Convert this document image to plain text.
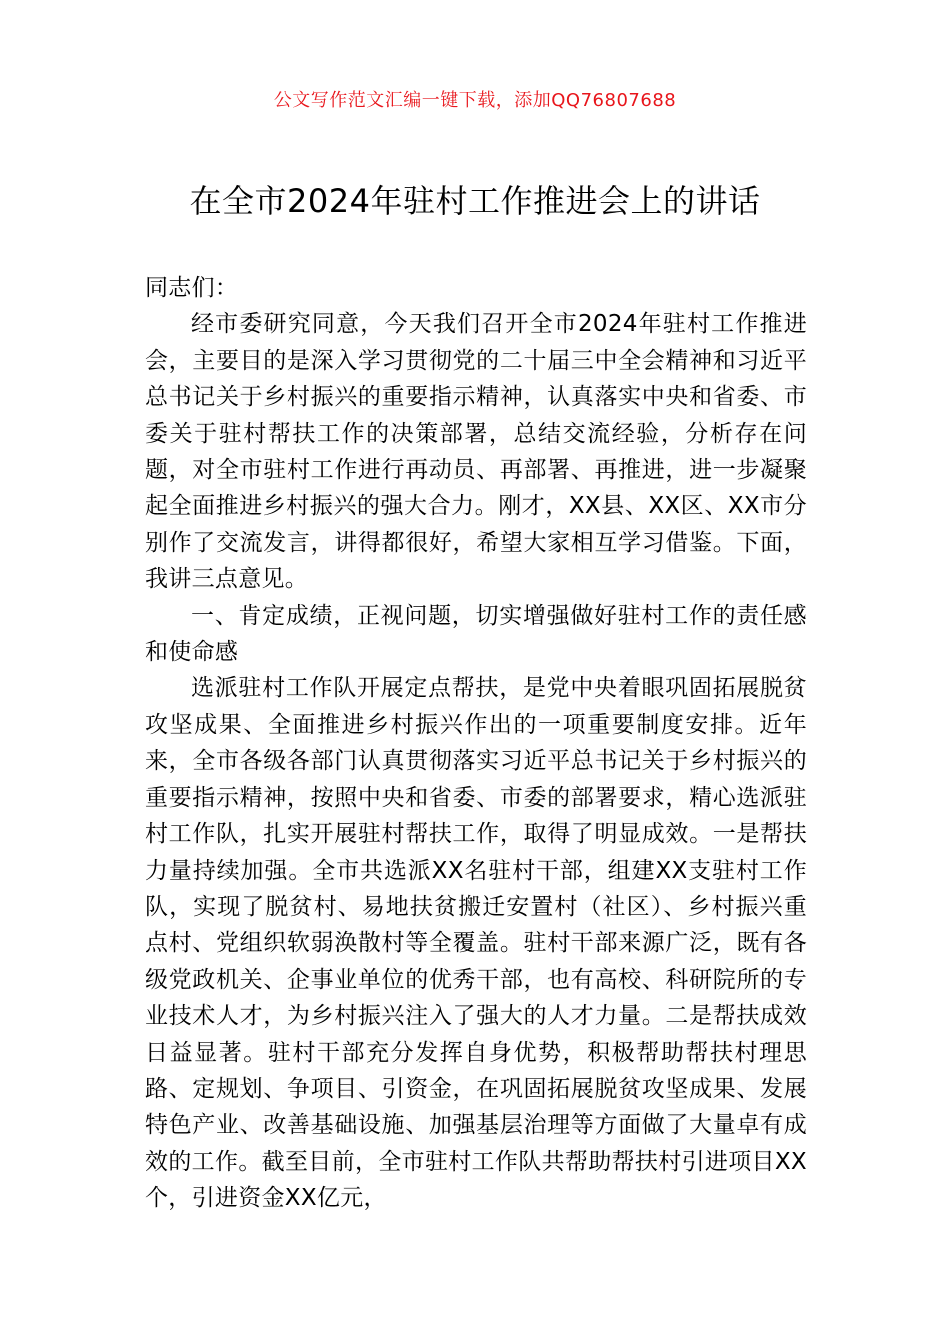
公文写作范文汇编一键下载，添加QQ76807688
在全市2024年驻村工作推进会上的讲话

同志们：

经市委研究同意，今天我们召开全市2024年驻村工作推进会，主要目的是深入学习贯彻党的二十届三中全会精神和习近平总书记关于乡村振兴的重要指示精神，认真落实中央和省委、市委关于驻村帮扶工作的决策部署，总结交流经验，分析存在问题，对全市驻村工作进行再动员、再部署、再推进，进一步凝聚起全面推进乡村振兴的强大合力。刚才，XX县、XX区、XX市分别作了交流发言，讲得都很好，希望大家相互学习借鉴。下面，我讲三点意见。

一、肯定成绩，正视问题，切实增强做好驻村工作的责任感和使命感

选派驻村工作队开展定点帮扶，是党中央着眼巩固拓展脱贫攻坚成果、全面推进乡村振兴作出的一项重要制度安排。近年来，全市各级各部门认真贯彻落实习近平总书记关于乡村振兴的重要指示精神，按照中央和省委、市委的部署要求，精心选派驻村工作队，扎实开展驻村帮扶工作，取得了明显成效。一是帮扶力量持续加强。全市共选派XX名驻村干部，组建XX支驻村工作队，实现了脱贫村、易地扶贫搬迁安置村（社区）、乡村振兴重点村、党组织软弱涣散村等全覆盖。驻村干部来源广泛，既有各级党政机关、企事业单位的优秀干部，也有高校、科研院所的专业技术人才，为乡村振兴注入了强大的人才力量。二是帮扶成效日益显著。驻村干部充分发挥自身优势，积极帮助帮扶村理思路、定规划、争项目、引资金，在巩固拓展脱贫攻坚成果、发展特色产业、改善基础设施、加强基层治理等方面做了大量卓有成效的工作。截至目前，全市驻村工作队共帮助帮扶村引进项目XX个，引进资金XX亿元，
